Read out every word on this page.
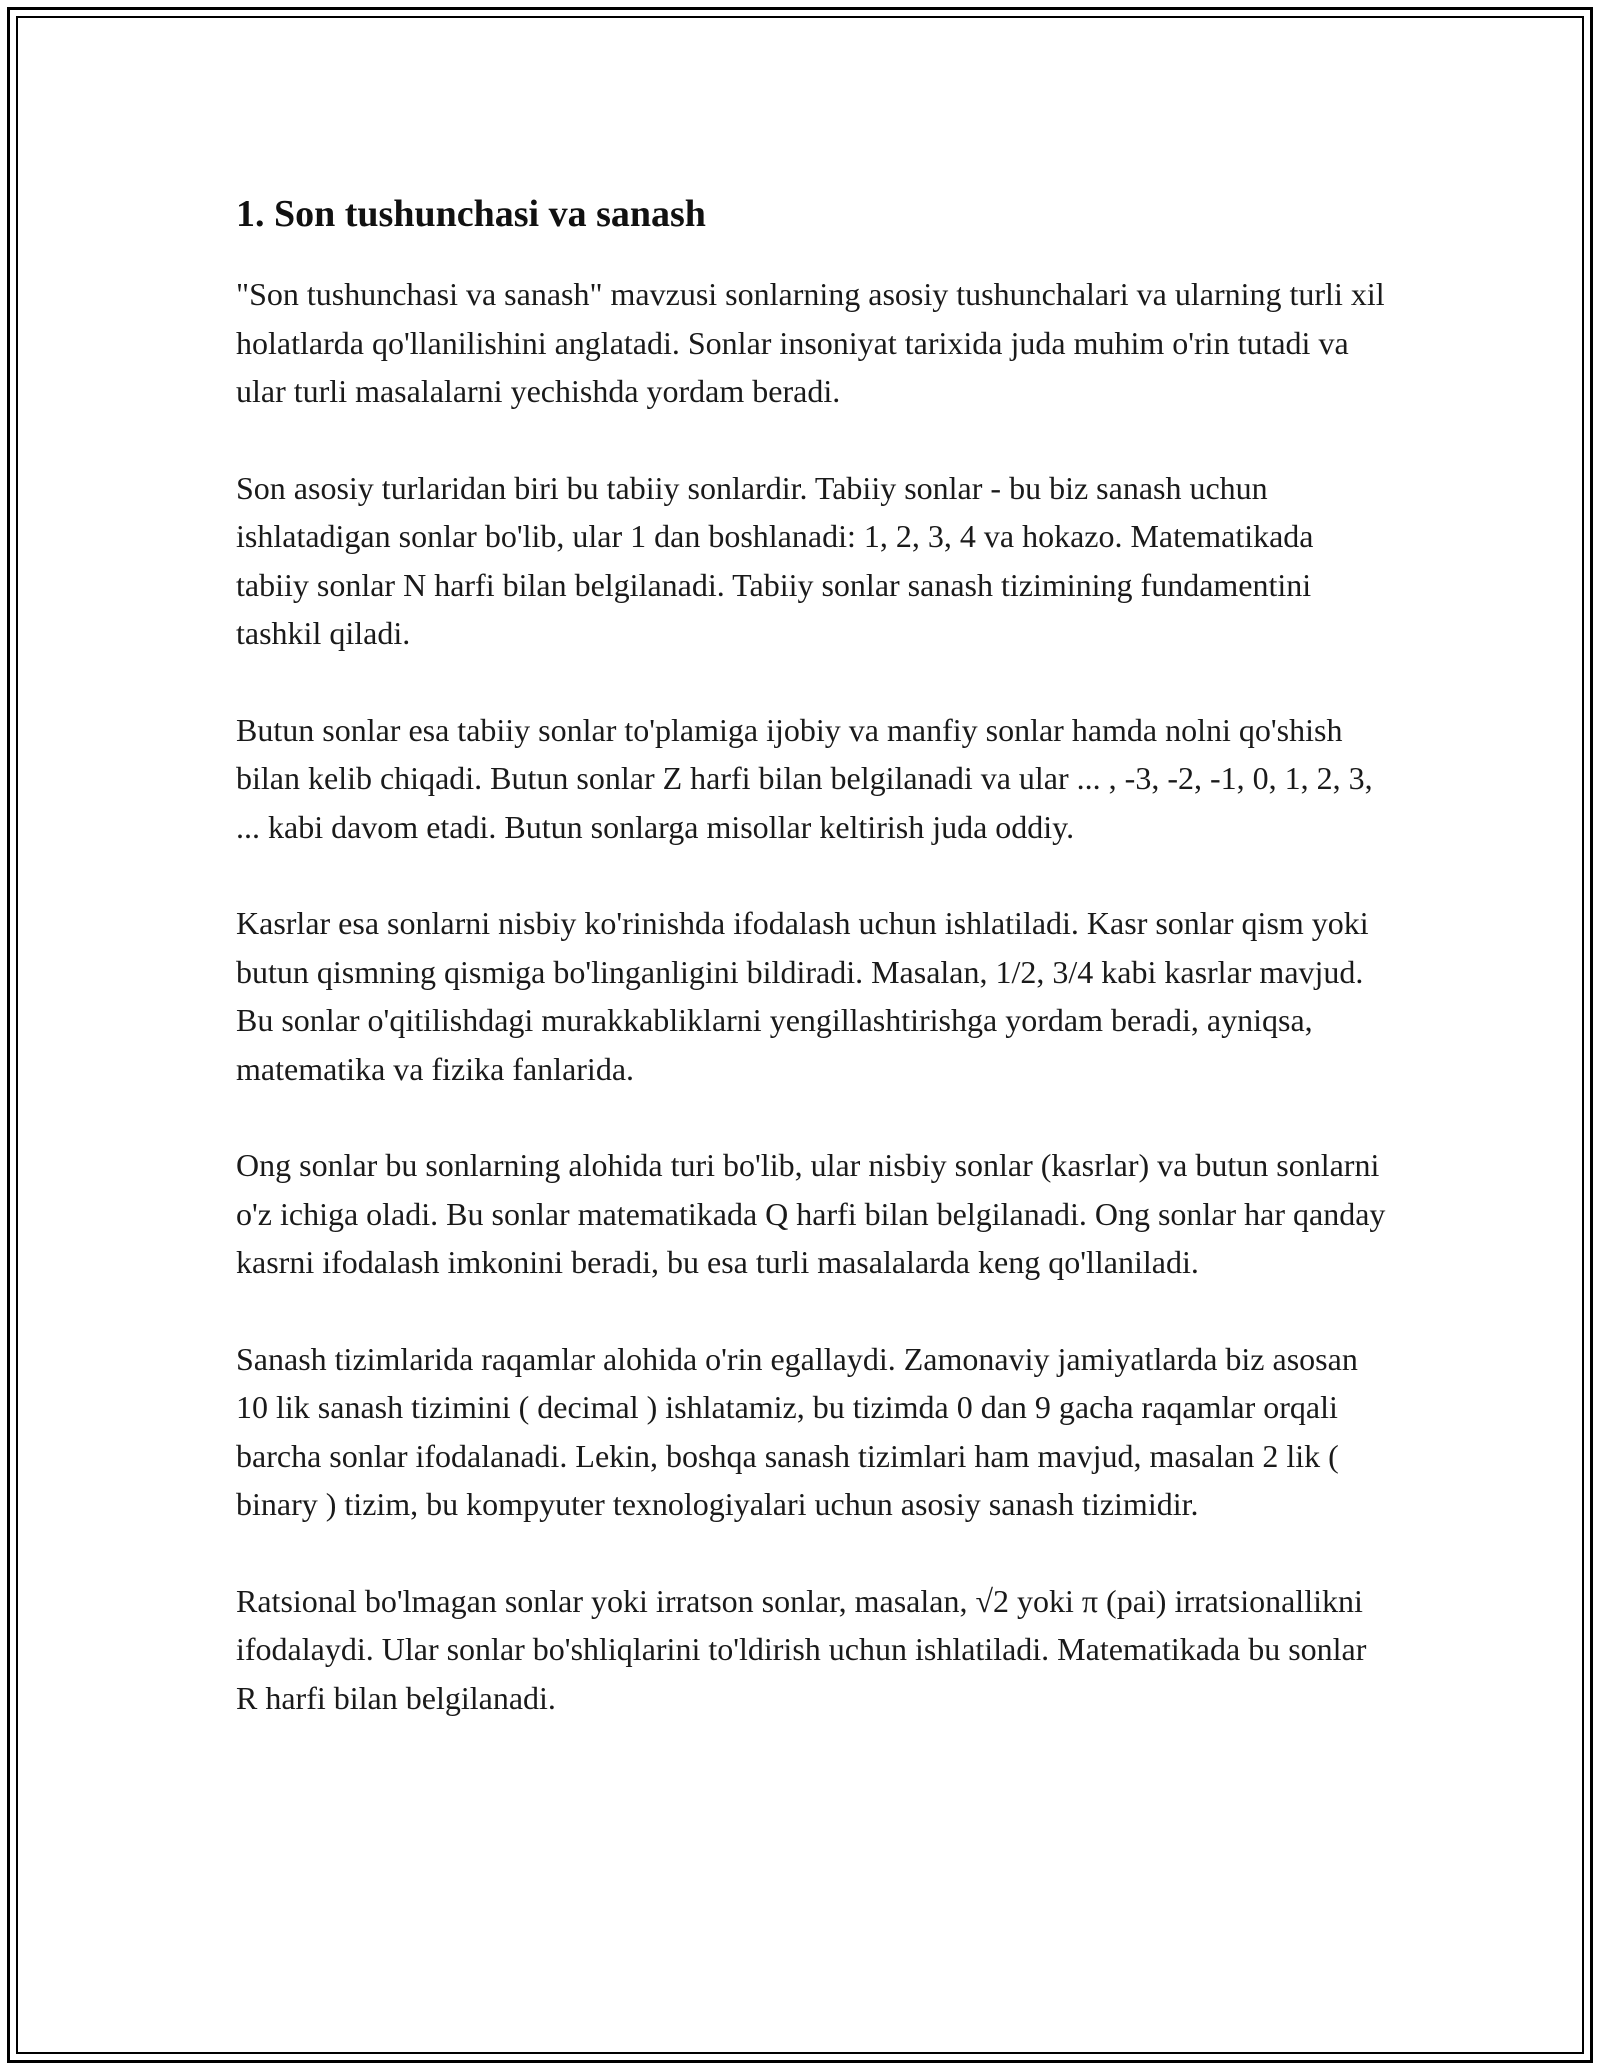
1. Son tushunchasi va sanash

"Son tushunchasi va sanash" mavzusi sonlarning asosiy tushunchalari va ularning turli xil holatlarda qo'llanilishini anglatadi. Sonlar insoniyat tarixida juda muhim o'rin tutadi va ular turli masalalarni yechishda yordam beradi.

Son asosiy turlaridan biri bu tabiiy sonlardir. Tabiiy sonlar - bu biz sanash uchun ishlatadigan sonlar bo'lib, ular 1 dan boshlanadi: 1, 2, 3, 4 va hokazo. Matematikada tabiiy sonlar N harfi bilan belgilanadi. Tabiiy sonlar sanash tizimining fundamentini tashkil qiladi.

Butun sonlar esa tabiiy sonlar to'plamiga ijobiy va manfiy sonlar hamda nolni qo'shish bilan kelib chiqadi. Butun sonlar Z harfi bilan belgilanadi va ular ... , -3, -2, -1, 0, 1, 2, 3, ... kabi davom etadi. Butun sonlarga misollar keltirish juda oddiy.

Kasrlar esa sonlarni nisbiy ko'rinishda ifodalash uchun ishlatiladi. Kasr sonlar qism yoki butun qismning qismiga bo'linganligini bildiradi. Masalan, 1/2, 3/4 kabi kasrlar mavjud. Bu sonlar o'qitilishdagi murakkabliklarni yengillashtirishga yordam beradi, ayniqsa, matematika va fizika fanlarida.

Ong sonlar bu sonlarning alohida turi bo'lib, ular nisbiy sonlar (kasrlar) va butun sonlarni o'z ichiga oladi. Bu sonlar matematikada Q harfi bilan belgilanadi. Ong sonlar har qanday kasrni ifodalash imkonini beradi, bu esa turli masalalarda keng qo'llaniladi.

Sanash tizimlarida raqamlar alohida o'rin egallaydi. Zamonaviy jamiyatlarda biz asosan 10 lik sanash tizimini ( decimal ) ishlatamiz, bu tizimda 0 dan 9 gacha raqamlar orqali barcha sonlar ifodalanadi. Lekin, boshqa sanash tizimlari ham mavjud, masalan 2 lik ( binary ) tizim, bu kompyuter texnologiyalari uchun asosiy sanash tizimidir.

Ratsional bo'lmagan sonlar yoki irratson sonlar, masalan, √2 yoki π (pai) irratsionallikni ifodalaydi. Ular sonlar bo'shliqlarini to'ldirish uchun ishlatiladi. Matematikada bu sonlar R harfi bilan belgilanadi.
